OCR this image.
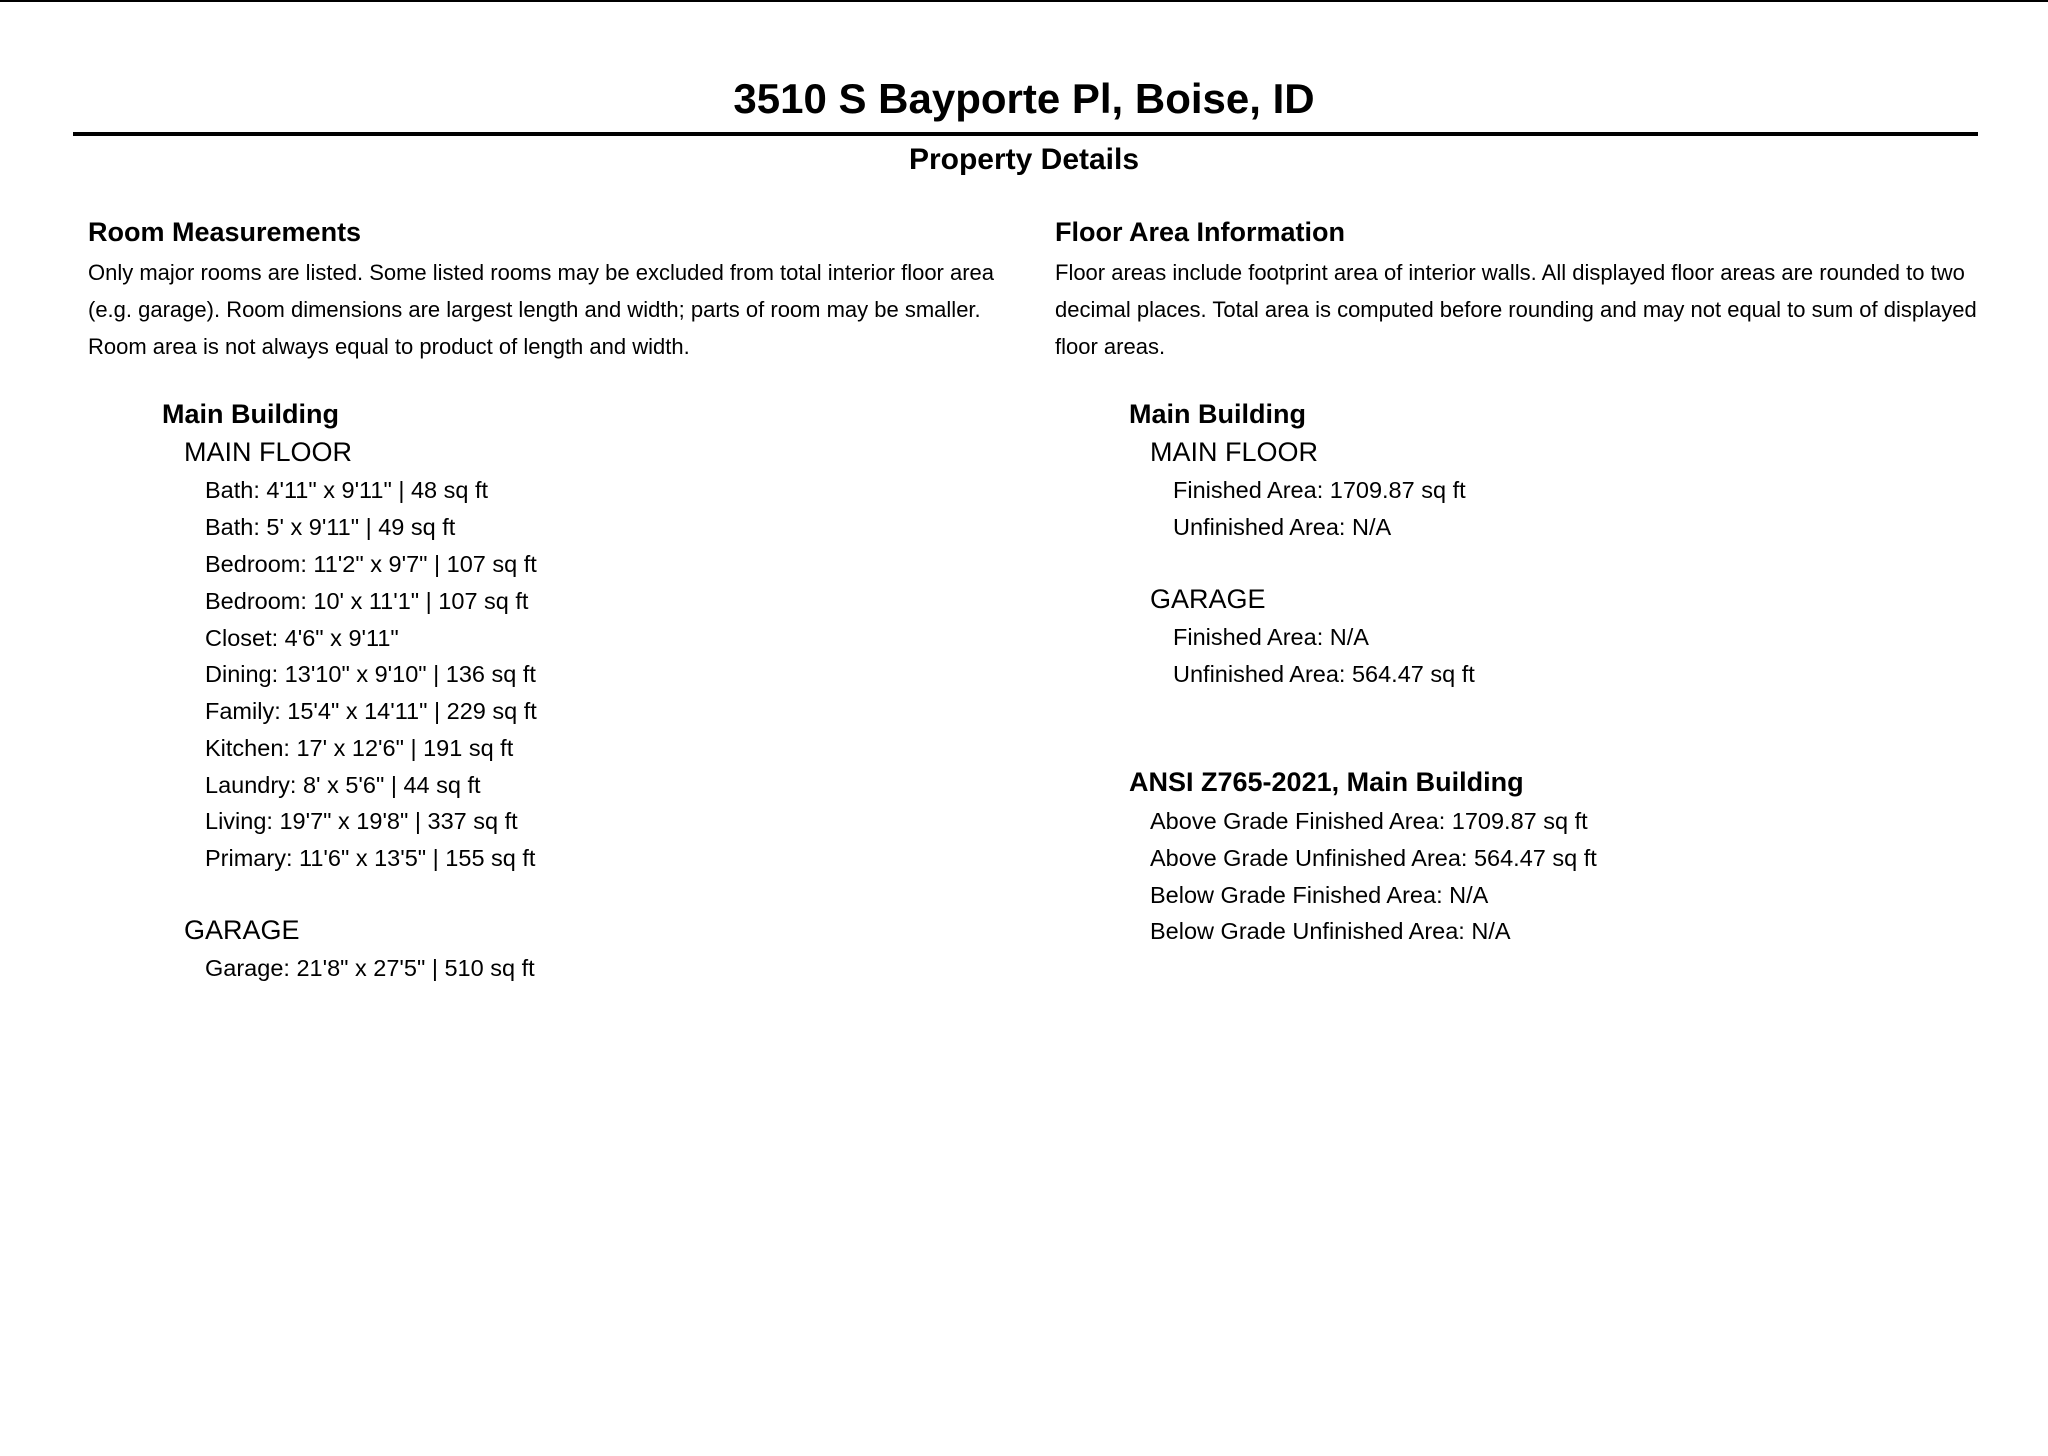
3510 S Bayporte Pl, Boise, ID
Property Details
Room Measurements
Only major rooms are listed. Some listed rooms may be excluded from total interior floor area (e.g. garage). Room dimensions are largest length and width; parts of room may be smaller. Room area is not always equal to product of length and width.
Main Building
MAIN FLOOR
Bath: 4'11" x 9'11" | 48 sq ft
Bath: 5' x 9'11" | 49 sq ft
Bedroom: 11'2" x 9'7" | 107 sq ft
Bedroom: 10' x 11'1" | 107 sq ft
Closet: 4'6" x 9'11"
Dining: 13'10" x 9'10" | 136 sq ft
Family: 15'4" x 14'11" | 229 sq ft
Kitchen: 17' x 12'6" | 191 sq ft
Laundry: 8' x 5'6" | 44 sq ft
Living: 19'7" x 19'8" | 337 sq ft
Primary: 11'6" x 13'5" | 155 sq ft
GARAGE
Garage: 21'8" x 27'5" | 510 sq ft
Floor Area Information
Floor areas include footprint area of interior walls. All displayed floor areas are rounded to two decimal places. Total area is computed before rounding and may not equal to sum of displayed floor areas.
Main Building
MAIN FLOOR
Finished Area: 1709.87 sq ft
Unfinished Area: N/A
GARAGE
Finished Area: N/A
Unfinished Area: 564.47 sq ft
ANSI Z765-2021, Main Building
Above Grade Finished Area: 1709.87 sq ft
Above Grade Unfinished Area: 564.47 sq ft
Below Grade Finished Area: N/A
Below Grade Unfinished Area: N/A
